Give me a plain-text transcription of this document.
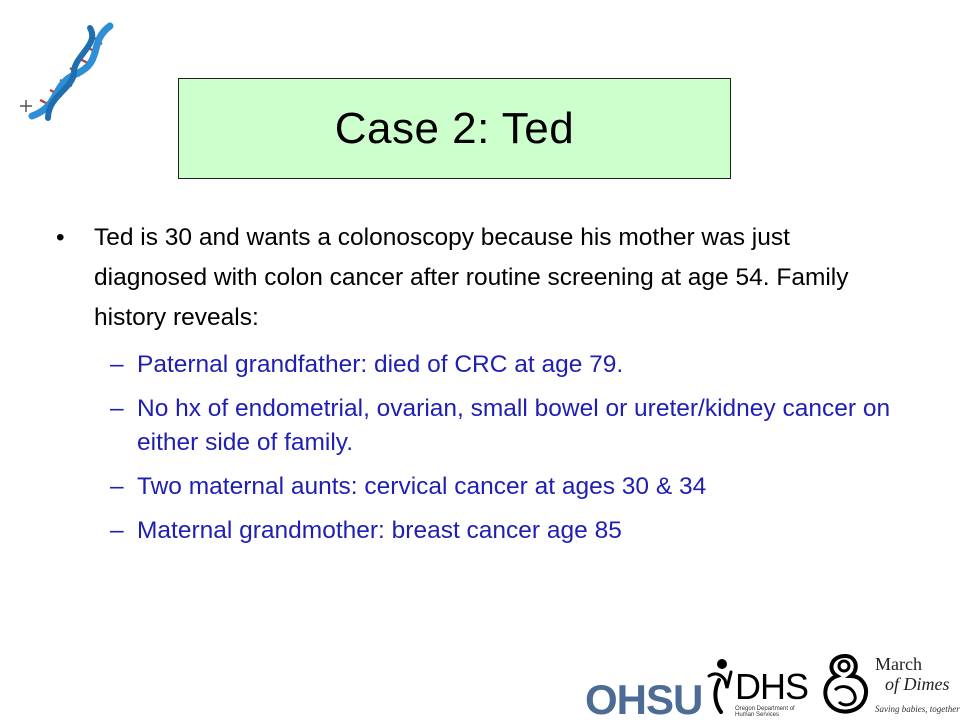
Case 2: Ted
• Ted is 30 and wants a colonoscopy because his mother was just diagnosed with colon cancer after routine screening at age 54. Family history reveals:
– Paternal grandfather: died of CRC at age 79.
– No hx of endometrial, ovarian, small bowel or ureter/kidney cancer on either side of family.
– Two maternal aunts: cervical cancer at ages 30 & 34
– Maternal grandmother: breast cancer age 85
OHSU DHS
Oregon Department of Human Services
March
of Dimes
Saving babies, together
